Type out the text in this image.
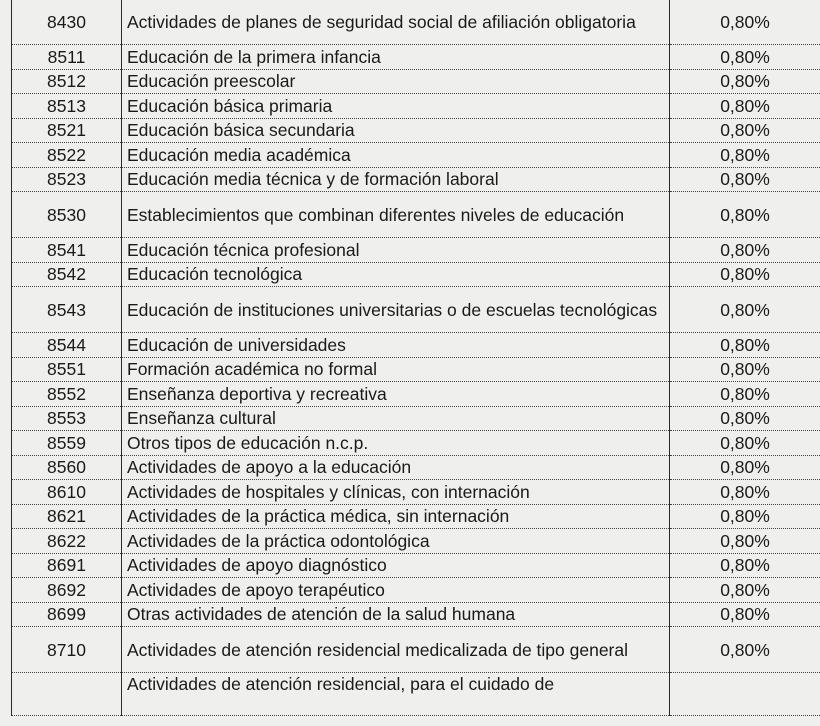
8430	Actividades de planes de seguridad social de afiliación obligatoria	0,80%
8511	Educación de la primera infancia	0,80%
8512	Educación preescolar	0,80%
8513	Educación básica primaria	0,80%
8521	Educación básica secundaria	0,80%
8522	Educación media académica	0,80%
8523	Educación media técnica y de formación laboral	0,80%
8530	Establecimientos que combinan diferentes niveles de educación	0,80%
8541	Educación técnica profesional	0,80%
8542	Educación tecnológica	0,80%
8543	Educación de instituciones universitarias o de escuelas tecnológicas	0,80%
8544	Educación de universidades	0,80%
8551	Formación académica no formal	0,80%
8552	Enseñanza deportiva y recreativa	0,80%
8553	Enseñanza cultural	0,80%
8559	Otros tipos de educación n.c.p.	0,80%
8560	Actividades de apoyo a la educación	0,80%
8610	Actividades de hospitales y clínicas, con internación	0,80%
8621	Actividades de la práctica médica, sin internación	0,80%
8622	Actividades de la práctica odontológica	0,80%
8691	Actividades de apoyo diagnóstico	0,80%
8692	Actividades de apoyo terapéutico	0,80%
8699	Otras actividades de atención de la salud humana	0,80%
8710	Actividades de atención residencial medicalizada de tipo general	0,80%
	Actividades de atención residencial, para el cuidado de	
